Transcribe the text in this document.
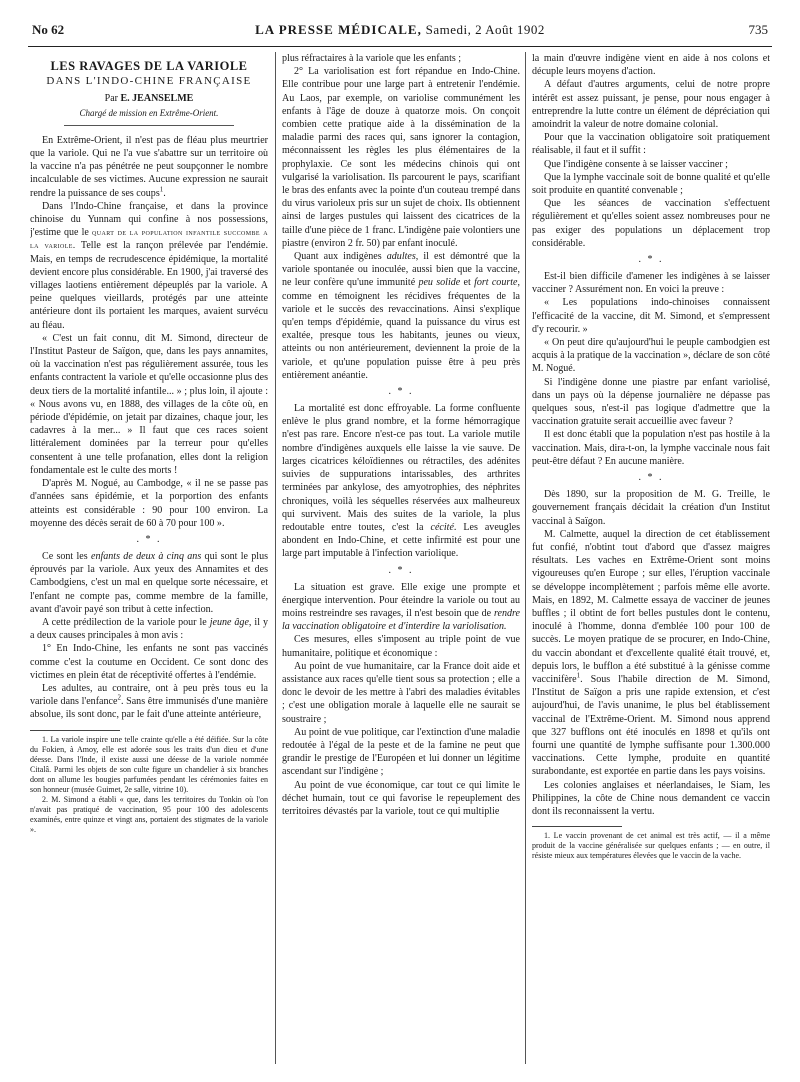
No 62	LA PRESSE MÉDICALE, Samedi, 2 Août 1902	735
LES RAVAGES DE LA VARIOLE
DANS L'INDO-CHINE FRANÇAISE
Par E. JEANSELME
Chargé de mission en Extrême-Orient.

En Extrême-Orient, il n'est pas de fléau plus meurtrier que la variole. Qui ne l'a vue s'abattre sur un territoire où la vaccine n'a pas pénétrée ne peut soupçonner le nombre incalculable de ses victimes. Aucune expression ne saurait rendre la puissance de ses coups$^1$.

Dans l'Indo-Chine française, et dans la province chinoise du Yunnam qui confine à nos possessions, j'estime que le quart de la population infantile succombe a la variole. Telle est la rançon prélevée par l'endémie. Mais, en temps de recrudescence épidémique, la mortalité devient encore plus considérable. En 1900, j'ai traversé des villages laotiens entièrement dépeuplés par la variole. A peine quelques vieillards, protégés par une atteinte antérieure dont ils portaient les marques, avaient survécu au fléau.

« C'est un fait connu, dit M. Simond, directeur de l'Institut Pasteur de Saïgon, que, dans les pays annamites, où la vaccination n'est pas régulièrement assurée, tous les enfants contractent la variole et qu'elle occasionne plus des deux tiers de la mortalité infantile... » ; plus loin, il ajoute : « Nous avons vu, en 1888, des villages de la côte où, en période d'épidémie, on jetait par dizaines, chaque jour, les cadavres à la mer... » Il faut que ces races soient littéralement dominées par la terreur pour qu'elles consentent à une telle profanation, elles dont la religion fondamentale est le culte des morts !

D'après M. Nogué, au Cambodge, « il ne se passe pas d'années sans épidémie, et la porportion des enfants atteints est considérable : 90 pour 100 environ. La moyenne des décès serait de 60 à 70 pour 100 ».

. * .

Ce sont les enfants de deux à cinq ans qui sont le plus éprouvés par la variole. Aux yeux des Annamites et des Cambodgiens, c'est un mal en quelque sorte nécessaire, et l'enfant ne compte pas, comme membre de la famille, avant d'avoir payé son tribut à cette infection.

A cette prédilection de la variole pour le jeune âge, il y a deux causes principales à mon avis :

1° En Indo-Chine, les enfants ne sont pas vaccinés comme c'est la coutume en Occident. Ce sont donc des victimes en plein état de réceptivité offertes à l'endémie.

Les adultes, au contraire, ont à peu près tous eu la variole dans l'enfance$^2$. Sans être immunisés d'une manière absolue, ils sont donc, par le fait d'une atteinte antérieure,

1. La variole inspire une telle crainte qu'elle a été déifiée. Sur la côte du Fokien, à Amoy, elle est adorée sous les traits d'un dieu et d'une déesse. Dans l'Inde, il existe aussi une déesse de la variole nommée Citalâ. Parmi les objets de son culte figure un chandelier à six branches dont on allume les bougies parfumées pendant les cérémonies faites en son honneur (musée Guimet, 2e salle, vitrine 10).

2. M. Simond a établi « que, dans les territoires du Tonkin où l'on n'avait pas pratiqué de vaccination, 95 pour 100 des adolescents examinés, entre quinze et vingt ans, portaient des stigmates de la variole ».

plus réfractaires à la variole que les enfants ;

2° La variolisation est fort répandue en Indo-Chine. Elle contribue pour une large part à entretenir l'endémie. Au Laos, par exemple, on variolise communément les enfants à l'âge de douze à quatorze mois. On conçoit combien cette pratique aide à la dissémination de la maladie parmi des races qui, sans ignorer la contagion, méconnaissent les règles les plus élémentaires de la prophylaxie. Ce sont les médecins chinois qui ont vulgarisé la variolisation. Ils parcourent le pays, scarifiant le bras des enfants avec la pointe d'un couteau trempé dans du virus varioleux pris sur un sujet de choix. Ils obtiennent ainsi de larges pustules qui laissent des cicatrices de la taille d'une pièce de 1 franc. L'indigène paie volontiers une piastre (environ 2 fr. 50) par enfant inoculé.

Quant aux indigènes adultes, il est démontré que la variole spontanée ou inoculée, aussi bien que la vaccine, ne leur confère qu'une immunité peu solide et fort courte, comme en témoignent les récidives fréquentes de la variole et le succès des revaccinations. Ainsi s'explique qu'en temps d'épidémie, quand la puissance du virus est exaltée, presque tous les habitants, jeunes ou vieux, atteints ou non antérieurement, deviennent la proie de la variole, et qu'une population puisse être à peu près entièrement anéantie.

. * .

La mortalité est donc effroyable. La forme confluente enlève le plus grand nombre, et la forme hémorragique n'est pas rare. Encore n'est-ce pas tout. La variole mutile nombre d'indigènes auxquels elle laisse la vie sauve. De larges cicatrices kéloïdiennes ou rétractiles, des adénites suivies de suppurations intarissables, des arthrites terminées par ankylose, des amyotrophies, des néphrites chroniques, voilà les séquelles réservées aux malheureux qui survivent. Mais des suites de la variole, la plus redoutable entre toutes, c'est la cécité. Les aveugles abondent en Indo-Chine, et cette infirmité est pour une large part imputable à l'infection variolique.

. * .

La situation est grave. Elle exige une prompte et énergique intervention. Pour éteindre la variole ou tout au moins restreindre ses ravages, il n'est besoin que de rendre la vaccination obligatoire et d'interdire la variolisation.

Ces mesures, elles s'imposent au triple point de vue humanitaire, politique et économique :

Au point de vue humanitaire, car la France doit aide et assistance aux races qu'elle tient sous sa protection ; elle a donc le devoir de les mettre à l'abri des maladies évitables ; c'est une obligation morale à laquelle elle ne saurait se soustraire ;

Au point de vue politique, car l'extinction d'une maladie redoutée à l'égal de la peste et de la famine ne peut que grandir le prestige de l'Européen et lui donner un légitime ascendant sur l'indigène ;

Au point de vue économique, car tout ce qui limite le déchet humain, tout ce qui favorise le repeuplement des territoires dévastés par la variole, tout ce qui multiplie

la main d'œuvre indigène vient en aide à nos colons et décuple leurs moyens d'action.

A défaut d'autres arguments, celui de notre propre intérêt est assez puissant, je pense, pour nous engager à entreprendre la lutte contre un élément de dépréciation qui amoindrit la valeur de notre domaine colonial.

Pour que la vaccination obligatoire soit pratiquement réalisable, il faut et il suffit :

Que l'indigène consente à se laisser vacciner ;

Que la lymphe vaccinale soit de bonne qualité et qu'elle soit produite en quantité convenable ;

Que les séances de vaccination s'effectuent régulièrement et qu'elles soient assez nombreuses pour ne pas exiger des populations un déplacement trop considérable.

. * .

Est-il bien difficile d'amener les indigènes à se laisser vacciner ? Assurément non. En voici la preuve :

« Les populations indo-chinoises connaissent l'efficacité de la vaccine, dit M. Simond, et s'empressent d'y recourir. »

« On peut dire qu'aujourd'hui le peuple cambodgien est acquis à la pratique de la vaccination », déclare de son côté M. Nogué.

Si l'indigène donne une piastre par enfant variolisé, dans un pays où la dépense journalière ne dépasse pas quelques sous, n'est-il pas logique d'admettre que la vaccination gratuite serait accueillie avec faveur ?

Il est donc établi que la population n'est pas hostile à la vaccination. Mais, dira-t-on, la lymphe vaccinale nous fait peut-être défaut ? En aucune manière.

. * .

Dès 1890, sur la proposition de M. G. Treille, le gouvernement français décidait la création d'un Institut vaccinal à Saïgon.

M. Calmette, auquel la direction de cet établissement fut confié, n'obtint tout d'abord que d'assez maigres résultats. Les vaches en Extrême-Orient sont moins vigoureuses qu'en Europe ; sur elles, l'éruption vaccinale se développe incomplètement ; parfois même elle avorte. Mais, en 1892, M. Calmette essaya de vacciner de jeunes buffles ; il obtint de fort belles pustules dont le contenu, inoculé à l'homme, donna d'emblée 100 pour 100 de succès. Le moyen pratique de se procurer, en Indo-Chine, du vaccin abondant et d'excellente qualité était trouvé, et, depuis lors, le bufflon a été substitué à la génisse comme vaccinifère$^1$. Sous l'habile direction de M. Simond, l'Institut de Saïgon a pris une rapide extension, et c'est aujourd'hui, de l'avis unanime, le plus bel établissement vaccinal de l'Extrême-Orient. M. Simond nous apprend que 327 bufflons ont été inoculés en 1898 et qu'ils ont fourni une quantité de lymphe suffisante pour 1.300.000 vaccinations. Cette lymphe, produite en quantité surabondante, est exportée en partie dans les pays voisins.

Les colonies anglaises et néerlandaises, le Siam, les Philippines, la côte de Chine nous demandent ce vaccin dont ils reconnaissent la vertu.

1. Le vaccin provenant de cet animal est très actif, — il a même produit de la vaccine généralisée sur quelques enfants ; — en outre, il résiste mieux aux températures élevées que le vaccin de la vache.
